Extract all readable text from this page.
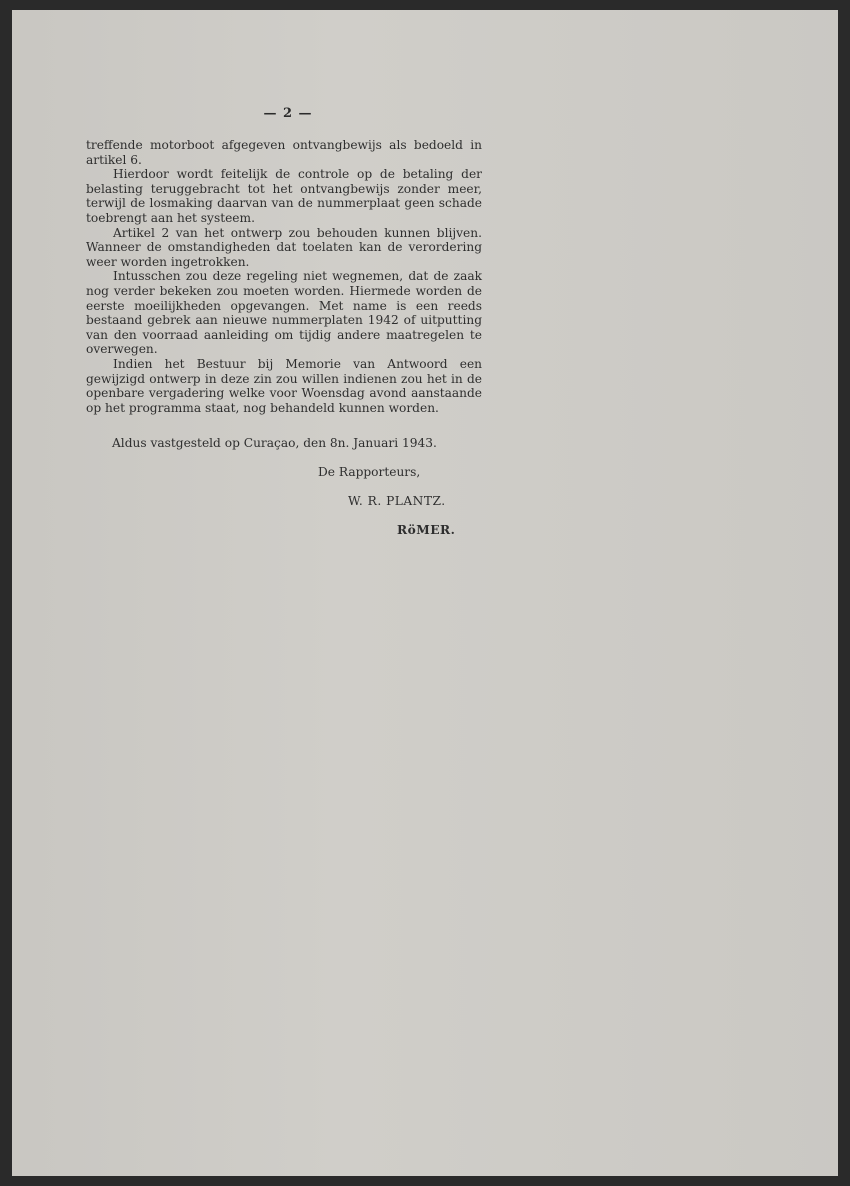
— 2 —

treffende motorboot afgegeven ontvangbewijs als bedoeld in artikel 6.

Hierdoor wordt feitelijk de controle op de betaling der belasting teruggebracht tot het ontvangbewijs zonder meer, terwijl de losmaking daarvan van de nummerplaat geen schade toebrengt aan het systeem.

Artikel 2 van het ontwerp zou behouden kunnen blijven. Wanneer de omstandigheden dat toelaten kan de verordering weer worden ingetrokken.

Intusschen zou deze regeling niet wegnemen, dat de zaak nog verder bekeken zou moeten worden. Hiermede worden de eerste moeilijkheden opgevangen. Met name is een reeds bestaand gebrek aan nieuwe nummerplaten 1942 of uitputting van den voorraad aanleiding om tijdig andere maatregelen te overwegen.

Indien het Bestuur bij Memorie van Antwoord een gewijzigd ontwerp in deze zin zou willen indienen zou het in de openbare vergadering welke voor Woensdag avond aanstaande op het programma staat, nog behandeld kunnen worden.

Aldus vastgesteld op Curaçao, den 8n. Januari 1943.
De Rapporteurs,
W. R. PLANTZ.
RöMER.
